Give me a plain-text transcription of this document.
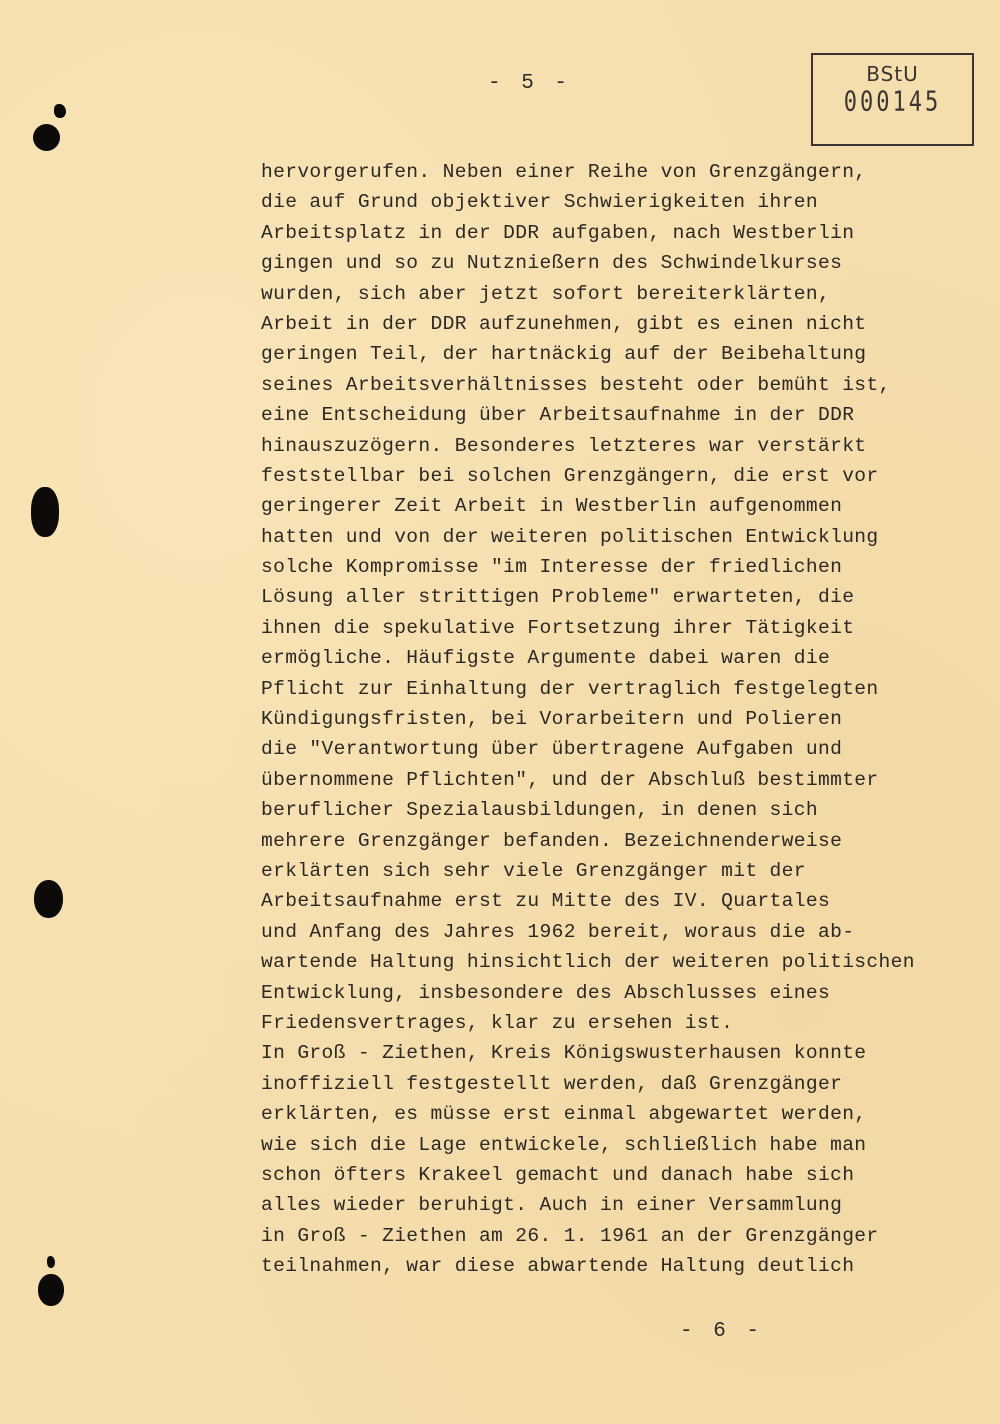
- 5 -	BStU
000145
hervorgerufen. Neben einer Reihe von Grenzgängern,
die auf Grund objektiver Schwierigkeiten ihren
Arbeitsplatz in der DDR aufgaben, nach Westberlin
gingen und so zu Nutznießern des Schwindelkurses
wurden, sich aber jetzt sofort bereiterklärten,
Arbeit in der DDR aufzunehmen, gibt es einen nicht
geringen Teil, der hartnäckig auf der Beibehaltung
seines Arbeitsverhältnisses besteht oder bemüht ist,
eine Entscheidung über Arbeitsaufnahme in der DDR
hinauszuzögern. Besonderes letzteres war verstärkt
feststellbar bei solchen Grenzgängern, die erst vor
geringerer Zeit Arbeit in Westberlin aufgenommen
hatten und von der weiteren politischen Entwicklung
solche Kompromisse "im Interesse der friedlichen
Lösung aller strittigen Probleme" erwarteten, die
ihnen die spekulative Fortsetzung ihrer Tätigkeit
ermögliche. Häufigste Argumente dabei waren die
Pflicht zur Einhaltung der vertraglich festgelegten
Kündigungsfristen, bei Vorarbeitern und Polieren
die "Verantwortung über übertragene Aufgaben und
übernommene Pflichten", und der Abschluß bestimmter
beruflicher Spezialausbildungen, in denen sich
mehrere Grenzgänger befanden. Bezeichnenderweise
erklärten sich sehr viele Grenzgänger mit der
Arbeitsaufnahme erst zu Mitte des IV. Quartales
und Anfang des Jahres 1962 bereit, woraus die ab-
wartende Haltung hinsichtlich der weiteren politischen
Entwicklung, insbesondere des Abschlusses eines
Friedensvertrages, klar zu ersehen ist.
In Groß - Ziethen, Kreis Königswusterhausen konnte
inoffiziell festgestellt werden, daß Grenzgänger
erklärten, es müsse erst einmal abgewartet werden,
wie sich die Lage entwickele, schließlich habe man
schon öfters Krakeel gemacht und danach habe sich
alles wieder beruhigt. Auch in einer Versammlung
in Groß - Ziethen am 26. 1. 1961 an der Grenzgänger
teilnahmen, war diese abwartende Haltung deutlich
- 6 -
